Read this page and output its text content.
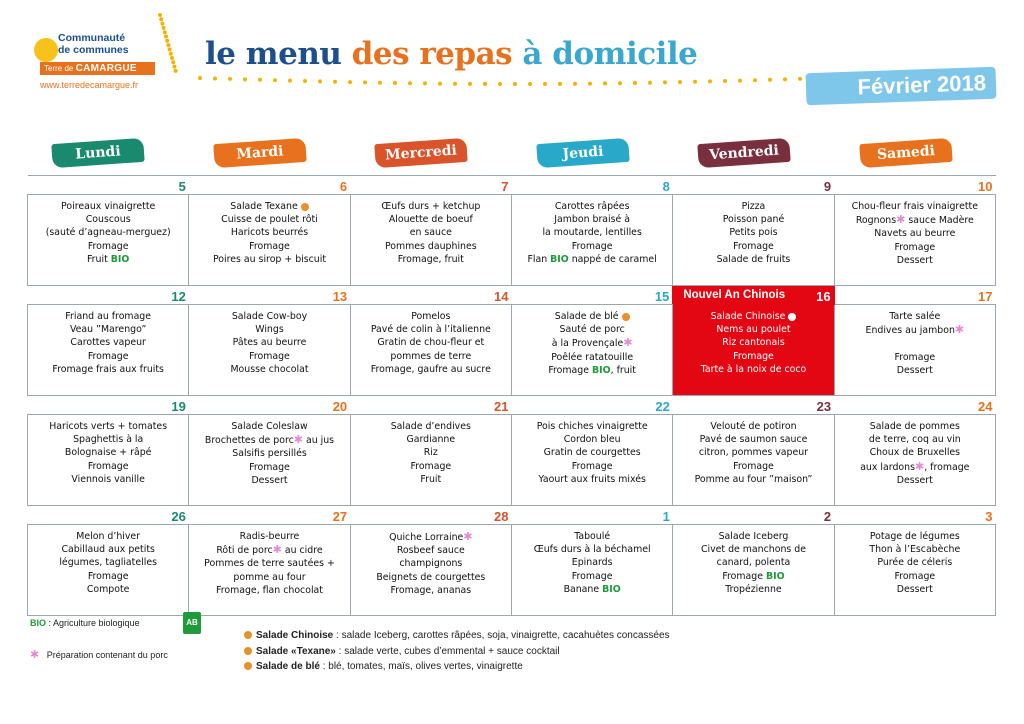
Communauté
de communes
Terre de CAMARGUE
www.terredecamargue.fr
le menu des repas à domicile
Février 2018
Lundi	Mardi	Mercredi	Jeudi	Vendredi	Samedi
5	6	7	8	9	10

Poireaux vinaigrette
Couscous
(sauté d’agneau-merguez)
Fromage
Fruit BIO	Salade Texane
Cuisse de poulet rôti
Haricots beurrés
Fromage
Poires au sirop + biscuit	Œufs durs + ketchup
Alouette de boeuf
en sauce
Pommes dauphines
Fromage, fruit	Carottes râpées
Jambon braisé à
la moutarde, lentilles
Fromage
Flan BIO nappé de caramel	Pizza
Poisson pané
Petits pois
Fromage
Salade de fruits	Chou-fleur frais vinaigrette
Rognons✱ sauce Madère
Navets au beurre
Fromage
Dessert

12	13	14	15	Nouvel An Chinois 16	17

Friand au fromage
Veau ”Marengo”
Carottes vapeur
Fromage
Fromage frais aux fruits	Salade Cow-boy
Wings
Pâtes au beurre
Fromage
Mousse chocolat	Pomelos
Pavé de colin à l’italienne
Gratin de chou-fleur et
pommes de terre
Fromage, gaufre au sucre	Salade de blé
Sauté de porc
à la Provençale✱
Poêlée ratatouille
Fromage BIO, fruit	Salade Chinoise
Nems au poulet
Riz cantonais
Fromage
Tarte à la noix de coco	Tarte salée
Endives au jambon✱

Fromage
Dessert

19	20	21	22	23	24

Haricots verts + tomates
Spaghettis à la
Bolognaise + râpé
Fromage
Viennois vanille	Salade Coleslaw
Brochettes de porc✱ au jus
Salsifis persillés
Fromage
Dessert	Salade d’endives
Gardianne
Riz
Fromage
Fruit	Pois chiches vinaigrette
Cordon bleu
Gratin de courgettes
Fromage
Yaourt aux fruits mixés	Velouté de potiron
Pavé de saumon sauce
citron, pommes vapeur
Fromage
Pomme au four ”maison”	Salade de pommes
de terre, coq au vin
Choux de Bruxelles
aux lardons✱, fromage
Dessert

26	27	28	1	2	3

Melon d’hiver
Cabillaud aux petits
légumes, tagliatelles
Fromage
Compote	Radis-beurre
Rôti de porc✱ au cidre
Pommes de terre sautées +
pomme au four
Fromage, flan chocolat	Quiche Lorraine✱
Rosbeef sauce
champignons
Beignets de courgettes
Fromage, ananas	Taboulé
Œufs durs à la béchamel
Epinards
Fromage
Banane BIO	Salade Iceberg
Civet de manchons de
canard, polenta
Fromage BIO
Tropézienne	Potage de légumes
Thon à l’Escabèche
Purée de céleris
Fromage
Dessert
BIO : Agriculture biologique	AB
✱ Préparation contenant du porc
Salade Chinoise : salade Iceberg, carottes râpées, soja, vinaigrette, cacahuètes concassées
Salade «Texane» : salade verte, cubes d’emmental + sauce cocktail
Salade de blé : blé, tomates, maïs, olives vertes, vinaigrette
